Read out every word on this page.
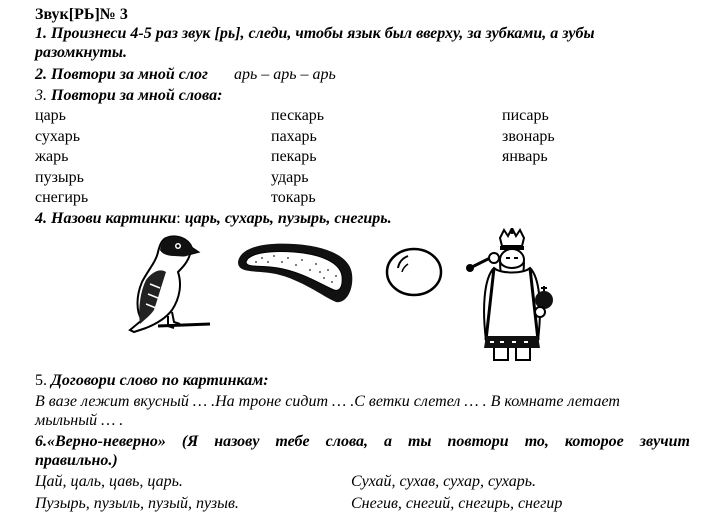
Звук[РЬ]№ 3
1. Произнеси 4-5 раз звук [рь], следи, чтобы язык был вверху, за зубками, а зубы
разомкнуты.
2. Повтори за мной слог арь – арь – арь
3. Повтори за мной слова:
царь
сухарь
жарь
пузырь
снегирь
пескарь
пахарь
пекарь
ударь
токарь
писарь
звонарь
январь
4. Назови картинки: царь, сухарь, пузырь, снегирь.
5. Договори слово по картинкам:
В вазе лежит вкусный … .На троне сидит … .С ветки слетел … . В комнате летает
мыльный … .
6.«Верно-неверно» (Я назову тебе слова, а ты повтори то, которое звучит
правильно.)
Цай, цаль, цавь, царь.	Сухай, сухав, сухар, сухарь.
Пузырь, пузыль, пузый, пузыв.	Снегив, снегий, снегирь, снегир
